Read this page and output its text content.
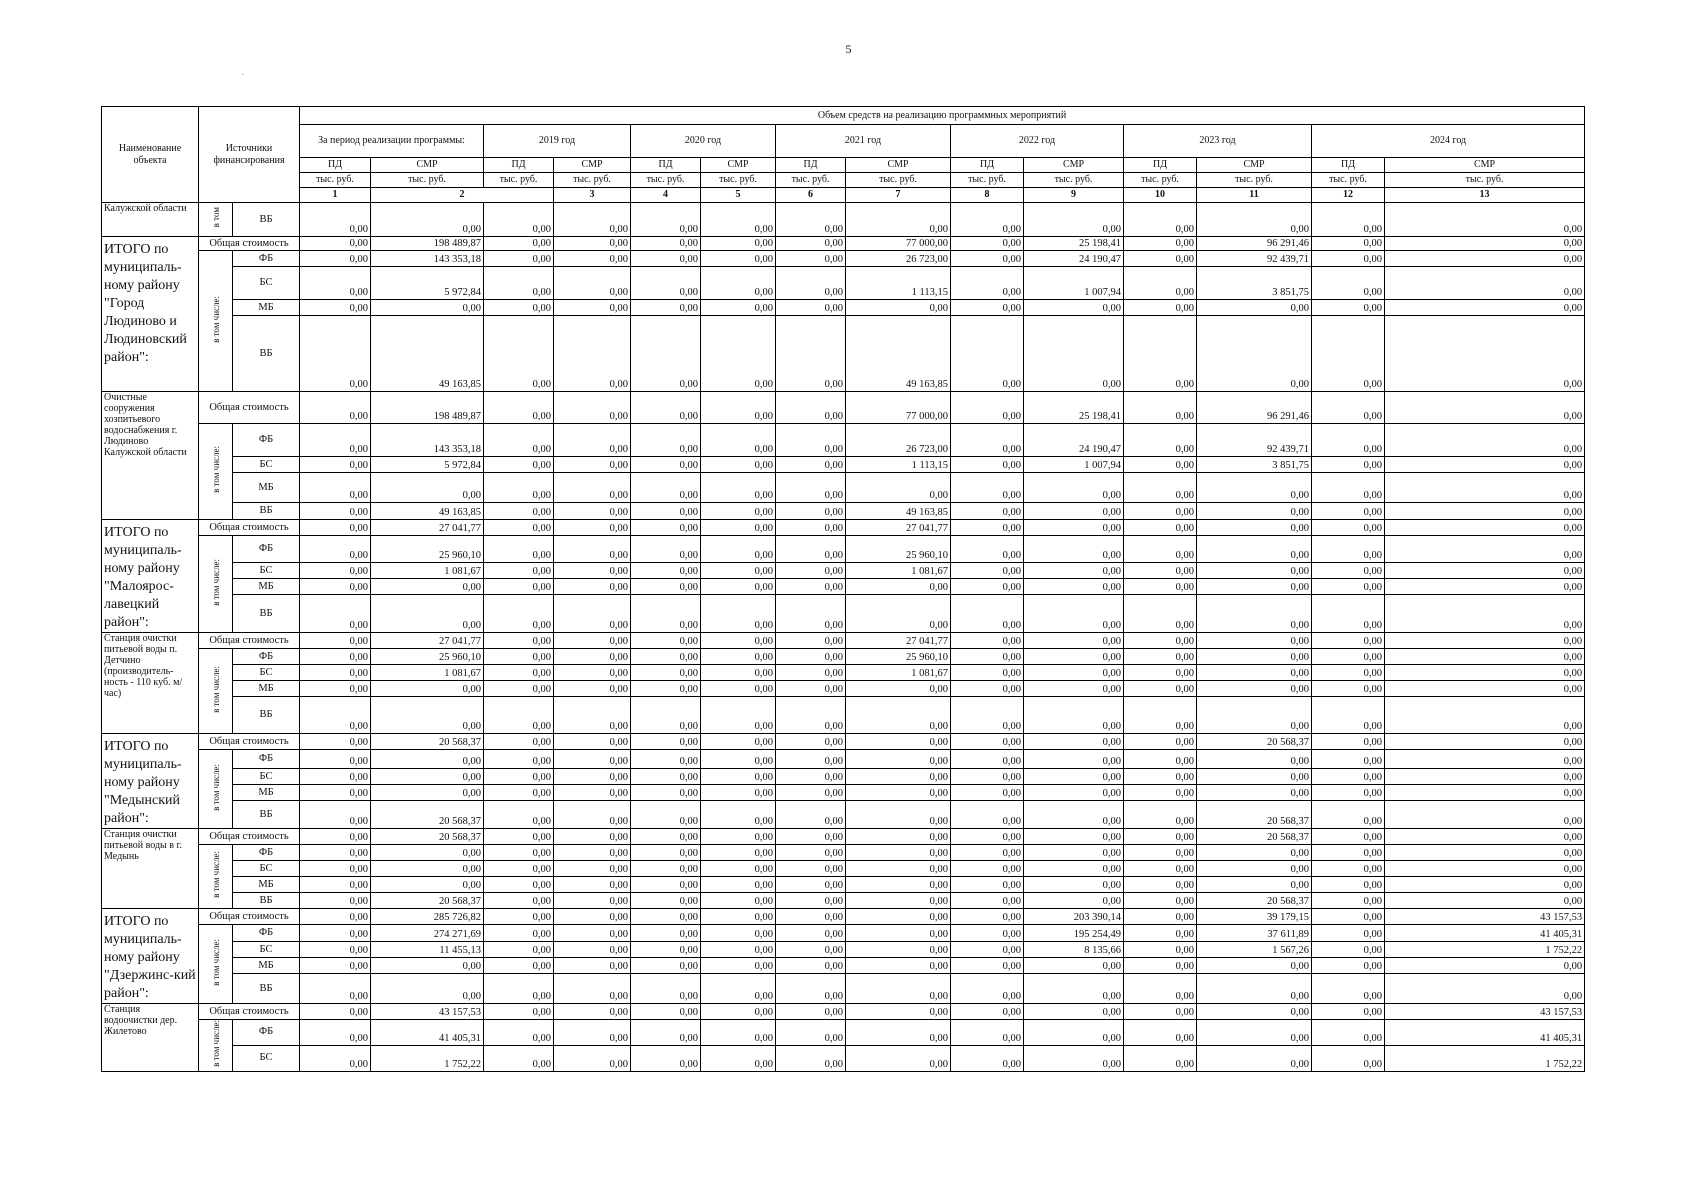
5
·
Наименование объекта	Источники финансирования		Объем средств на реализацию программных мероприятий														
			За период реализации программы:		2019 год		2020 год		2021 год		2022 год		2023 год		2024 год		
			ПД	СМР	ПД	СМР	ПД	СМР	ПД	СМР	ПД	СМР	ПД	СМР	ПД	СМР	
			тыс. руб.	тыс. руб.	тыс. руб.	тыс. руб.	тыс. руб.	тыс. руб.	тыс. руб.	тыс. руб.	тыс. руб.	тыс. руб.	тыс. руб.	тыс. руб.	тыс. руб.	тыс. руб.	
			1	2		3	4	5	6	7	8	9	10	11	12	13			
Калужской области	в том	ВБ	0,00	0,00	0,00	0,00	0,00	0,00	0,00	0,00	0,00	0,00	0,00	0,00	0,00	0,00	
ИТОГО по муниципаль-ному району "Город Людиново и Людиновский район":	Общая стоимость		0,00	198 489,87	0,00	0,00	0,00	0,00	0,00	77 000,00	0,00	25 198,41	0,00	96 291,46	0,00	0,00	
	в том числе:	ФБ	0,00	143 353,18	0,00	0,00	0,00	0,00	0,00	26 723,00	0,00	24 190,47	0,00	92 439,71	0,00	0,00	
		БС	0,00	5 972,84	0,00	0,00	0,00	0,00	0,00	1 113,15	0,00	1 007,94	0,00	3 851,75	0,00	0,00	
		МБ	0,00	0,00	0,00	0,00	0,00	0,00	0,00	0,00	0,00	0,00	0,00	0,00	0,00	0,00	
		ВБ	0,00	49 163,85	0,00	0,00	0,00	0,00	0,00	49 163,85	0,00	0,00	0,00	0,00	0,00	0,00	
Очистные сооружения хозпитьевого водоснабжения г. Людиново Калужской области	Общая стоимость		0,00	198 489,87	0,00	0,00	0,00	0,00	0,00	77 000,00	0,00	25 198,41	0,00	96 291,46	0,00	0,00	
	в том числе:	ФБ	0,00	143 353,18	0,00	0,00	0,00	0,00	0,00	26 723,00	0,00	24 190,47	0,00	92 439,71	0,00	0,00	
		БС	0,00	5 972,84	0,00	0,00	0,00	0,00	0,00	1 113,15	0,00	1 007,94	0,00	3 851,75	0,00	0,00	
		МБ	0,00	0,00	0,00	0,00	0,00	0,00	0,00	0,00	0,00	0,00	0,00	0,00	0,00	0,00	
		ВБ	0,00	49 163,85	0,00	0,00	0,00	0,00	0,00	49 163,85	0,00	0,00	0,00	0,00	0,00	0,00	
ИТОГО по муниципаль-ному району "Малоярос-лавецкий район":	Общая стоимость		0,00	27 041,77	0,00	0,00	0,00	0,00	0,00	27 041,77	0,00	0,00	0,00	0,00	0,00	0,00	
	в том числе:	ФБ	0,00	25 960,10	0,00	0,00	0,00	0,00	0,00	25 960,10	0,00	0,00	0,00	0,00	0,00	0,00	
		БС	0,00	1 081,67	0,00	0,00	0,00	0,00	0,00	1 081,67	0,00	0,00	0,00	0,00	0,00	0,00	
		МБ	0,00	0,00	0,00	0,00	0,00	0,00	0,00	0,00	0,00	0,00	0,00	0,00	0,00	0,00	
		ВБ	0,00	0,00	0,00	0,00	0,00	0,00	0,00	0,00	0,00	0,00	0,00	0,00	0,00	0,00	
Станция очистки питьевой воды п. Детчино (производитель-ность - 110 куб. м/час)	Общая стоимость		0,00	27 041,77	0,00	0,00	0,00	0,00	0,00	27 041,77	0,00	0,00	0,00	0,00	0,00	0,00	
	в том числе:	ФБ	0,00	25 960,10	0,00	0,00	0,00	0,00	0,00	25 960,10	0,00	0,00	0,00	0,00	0,00	0,00	
		БС	0,00	1 081,67	0,00	0,00	0,00	0,00	0,00	1 081,67	0,00	0,00	0,00	0,00	0,00	0,00	
		МБ	0,00	0,00	0,00	0,00	0,00	0,00	0,00	0,00	0,00	0,00	0,00	0,00	0,00	0,00	
		ВБ	0,00	0,00	0,00	0,00	0,00	0,00	0,00	0,00	0,00	0,00	0,00	0,00	0,00	0,00	
ИТОГО по муниципаль-ному району "Медынский район":	Общая стоимость		0,00	20 568,37	0,00	0,00	0,00	0,00	0,00	0,00	0,00	0,00	0,00	20 568,37	0,00	0,00	
	в том числе:	ФБ	0,00	0,00	0,00	0,00	0,00	0,00	0,00	0,00	0,00	0,00	0,00	0,00	0,00	0,00	
		БС	0,00	0,00	0,00	0,00	0,00	0,00	0,00	0,00	0,00	0,00	0,00	0,00	0,00	0,00	
		МБ	0,00	0,00	0,00	0,00	0,00	0,00	0,00	0,00	0,00	0,00	0,00	0,00	0,00	0,00	
		ВБ	0,00	20 568,37	0,00	0,00	0,00	0,00	0,00	0,00	0,00	0,00	0,00	20 568,37	0,00	0,00	
Станция очистки питьевой воды в г. Медынь	Общая стоимость		0,00	20 568,37	0,00	0,00	0,00	0,00	0,00	0,00	0,00	0,00	0,00	20 568,37	0,00	0,00	
	в том числе:	ФБ	0,00	0,00	0,00	0,00	0,00	0,00	0,00	0,00	0,00	0,00	0,00	0,00	0,00	0,00	
		БС	0,00	0,00	0,00	0,00	0,00	0,00	0,00	0,00	0,00	0,00	0,00	0,00	0,00	0,00	
		МБ	0,00	0,00	0,00	0,00	0,00	0,00	0,00	0,00	0,00	0,00	0,00	0,00	0,00	0,00	
		ВБ	0,00	20 568,37	0,00	0,00	0,00	0,00	0,00	0,00	0,00	0,00	0,00	20 568,37	0,00	0,00	
ИТОГО по муниципаль-ному району "Дзержинс-кий район":	Общая стоимость		0,00	285 726,82	0,00	0,00	0,00	0,00	0,00	0,00	0,00	203 390,14	0,00	39 179,15	0,00	43 157,53	
	в том числе:	ФБ	0,00	274 271,69	0,00	0,00	0,00	0,00	0,00	0,00	0,00	195 254,49	0,00	37 611,89	0,00	41 405,31	
		БС	0,00	11 455,13	0,00	0,00	0,00	0,00	0,00	0,00	0,00	8 135,66	0,00	1 567,26	0,00	1 752,22	
		МБ	0,00	0,00	0,00	0,00	0,00	0,00	0,00	0,00	0,00	0,00	0,00	0,00	0,00	0,00	
		ВБ	0,00	0,00	0,00	0,00	0,00	0,00	0,00	0,00	0,00	0,00	0,00	0,00	0,00	0,00	
Станция водоочистки дер. Жилетово	Общая стоимость		0,00	43 157,53	0,00	0,00	0,00	0,00	0,00	0,00	0,00	0,00	0,00	0,00	0,00	43 157,53	
	в том числе:	ФБ	0,00	41 405,31	0,00	0,00	0,00	0,00	0,00	0,00	0,00	0,00	0,00	0,00	0,00	41 405,31	
		БС	0,00	1 752,22	0,00	0,00	0,00	0,00	0,00	0,00	0,00	0,00	0,00	0,00	0,00	1 752,22	
